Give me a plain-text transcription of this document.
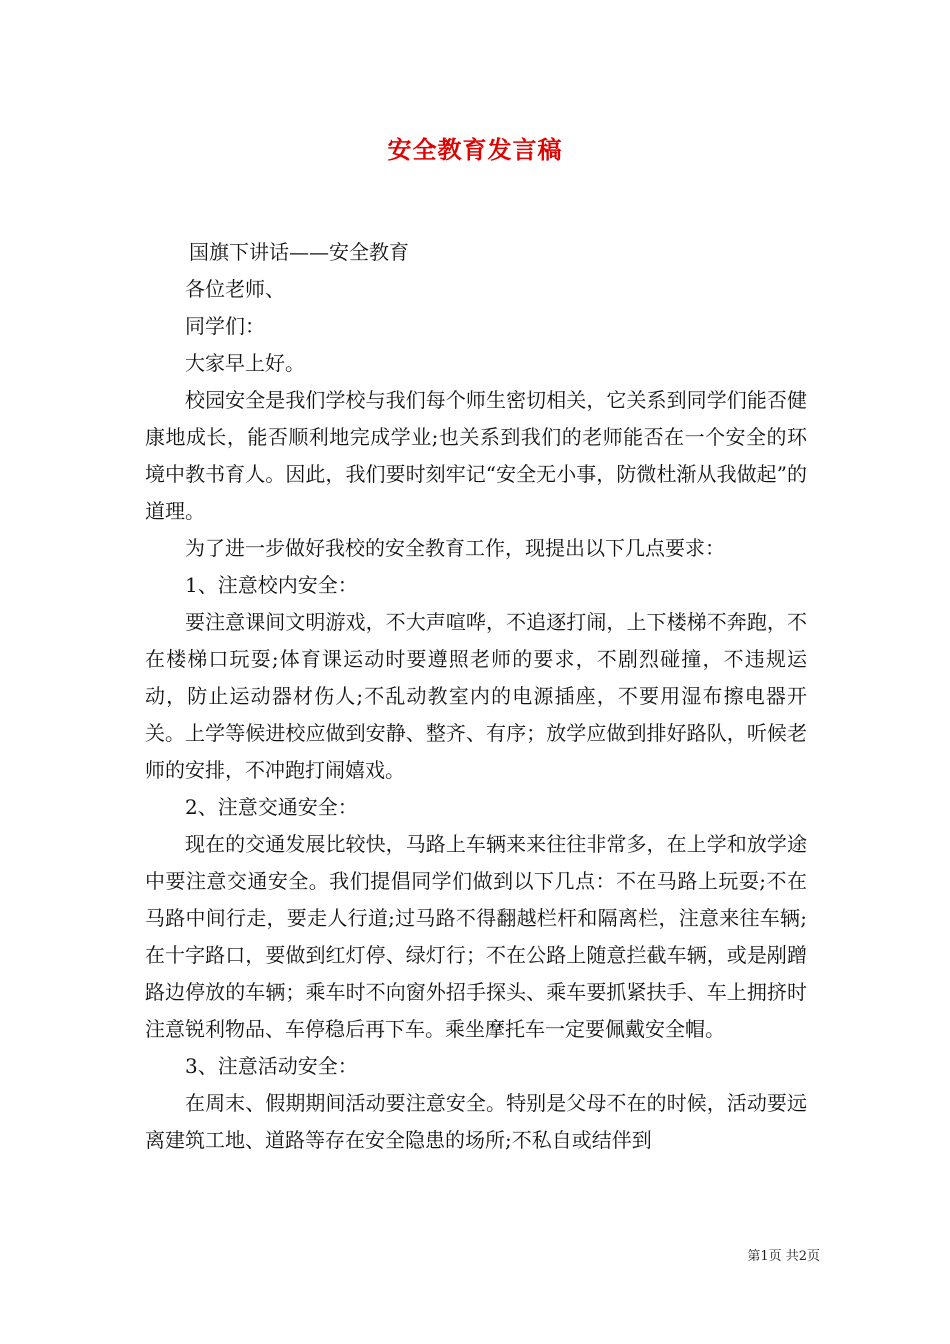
安全教育发言稿

国旗下讲话——安全教育

各位老师、

同学们：

大家早上好。

校园安全是我们学校与我们每个师生密切相关，它关系到同学们能否健康地成长，能否顺利地完成学业;也关系到我们的老师能否在一个安全的环境中教书育人。因此，我们要时刻牢记“安全无小事，防微杜渐从我做起”的道理。

为了进一步做好我校的安全教育工作，现提出以下几点要求：

1、注意校内安全：

要注意课间文明游戏，不大声喧哗，不追逐打闹，上下楼梯不奔跑，不在楼梯口玩耍;体育课运动时要遵照老师的要求，不剧烈碰撞，不违规运动，防止运动器材伤人;不乱动教室内的电源插座，不要用湿布擦电器开关。上学等候进校应做到安静、整齐、有序；放学应做到排好路队，听候老师的安排，不冲跑打闹嬉戏。

2、注意交通安全：

现在的交通发展比较快，马路上车辆来来往往非常多，在上学和放学途中要注意交通安全。我们提倡同学们做到以下几点：不在马路上玩耍;不在马路中间行走，要走人行道;过马路不得翻越栏杆和隔离栏，注意来往车辆;在十字路口，要做到红灯停、绿灯行；不在公路上随意拦截车辆，或是剐蹭路边停放的车辆；乘车时不向窗外招手探头、乘车要抓紧扶手、车上拥挤时注意锐利物品、车停稳后再下车。乘坐摩托车一定要佩戴安全帽。

3、注意活动安全：

在周末、假期期间活动要注意安全。特别是父母不在的时候，活动要远离建筑工地、道路等存在安全隐患的场所;不私自或结伴到

第1页 共2页
